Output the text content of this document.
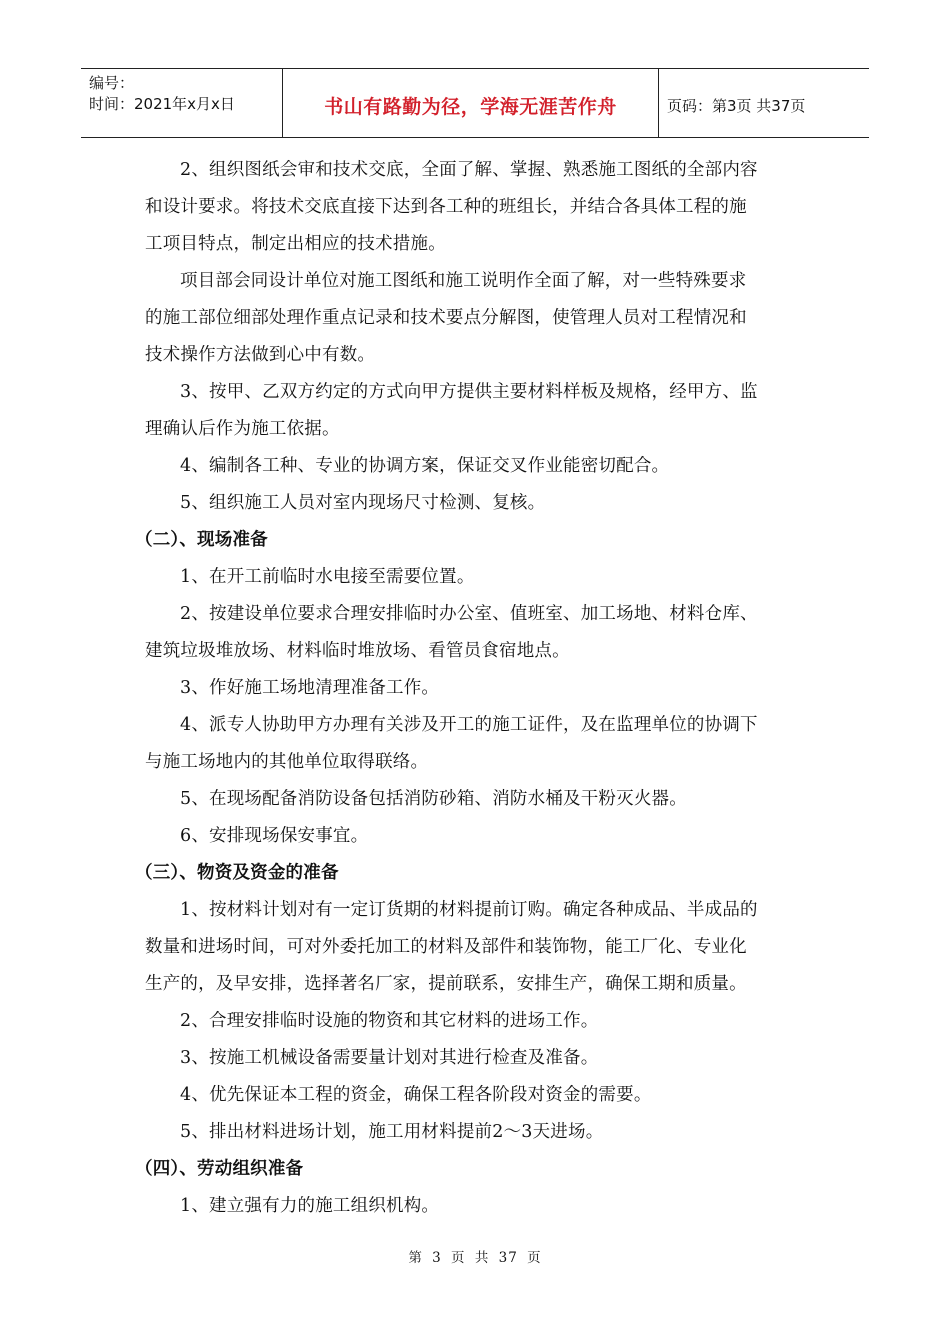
编号：
时间：2021年x月x日	书山有路勤为径，学海无涯苦作舟	页码：第3页 共37页
2、组织图纸会审和技术交底，全面了解、掌握、熟悉施工图纸的全部内容
和设计要求。将技术交底直接下达到各工种的班组长，并结合各具体工程的施
工项目特点，制定出相应的技术措施。
项目部会同设计单位对施工图纸和施工说明作全面了解，对一些特殊要求
的施工部位细部处理作重点记录和技术要点分解图，使管理人员对工程情况和
技术操作方法做到心中有数。
3、按甲、乙双方约定的方式向甲方提供主要材料样板及规格，经甲方、监
理确认后作为施工依据。
4、编制各工种、专业的协调方案，保证交叉作业能密切配合。
5、组织施工人员对室内现场尺寸检测、复核。
（二）、现场准备
1、在开工前临时水电接至需要位置。
2、按建设单位要求合理安排临时办公室、值班室、加工场地、材料仓库、
建筑垃圾堆放场、材料临时堆放场、看管员食宿地点。
3、作好施工场地清理准备工作。
4、派专人协助甲方办理有关涉及开工的施工证件，及在监理单位的协调下
与施工场地内的其他单位取得联络。
5、在现场配备消防设备包括消防砂箱、消防水桶及干粉灭火器。
6、安排现场保安事宜。
（三）、物资及资金的准备
1、按材料计划对有一定订货期的材料提前订购。确定各种成品、半成品的
数量和进场时间，可对外委托加工的材料及部件和装饰物，能工厂化、专业化
生产的，及早安排，选择著名厂家，提前联系，安排生产，确保工期和质量。
2、合理安排临时设施的物资和其它材料的进场工作。
3、按施工机械设备需要量计划对其进行检查及准备。
4、优先保证本工程的资金，确保工程各阶段对资金的需要。
5、排出材料进场计划，施工用材料提前2～3天进场。
（四）、劳动组织准备
1、建立强有力的施工组织机构。
第 3 页 共 37 页
